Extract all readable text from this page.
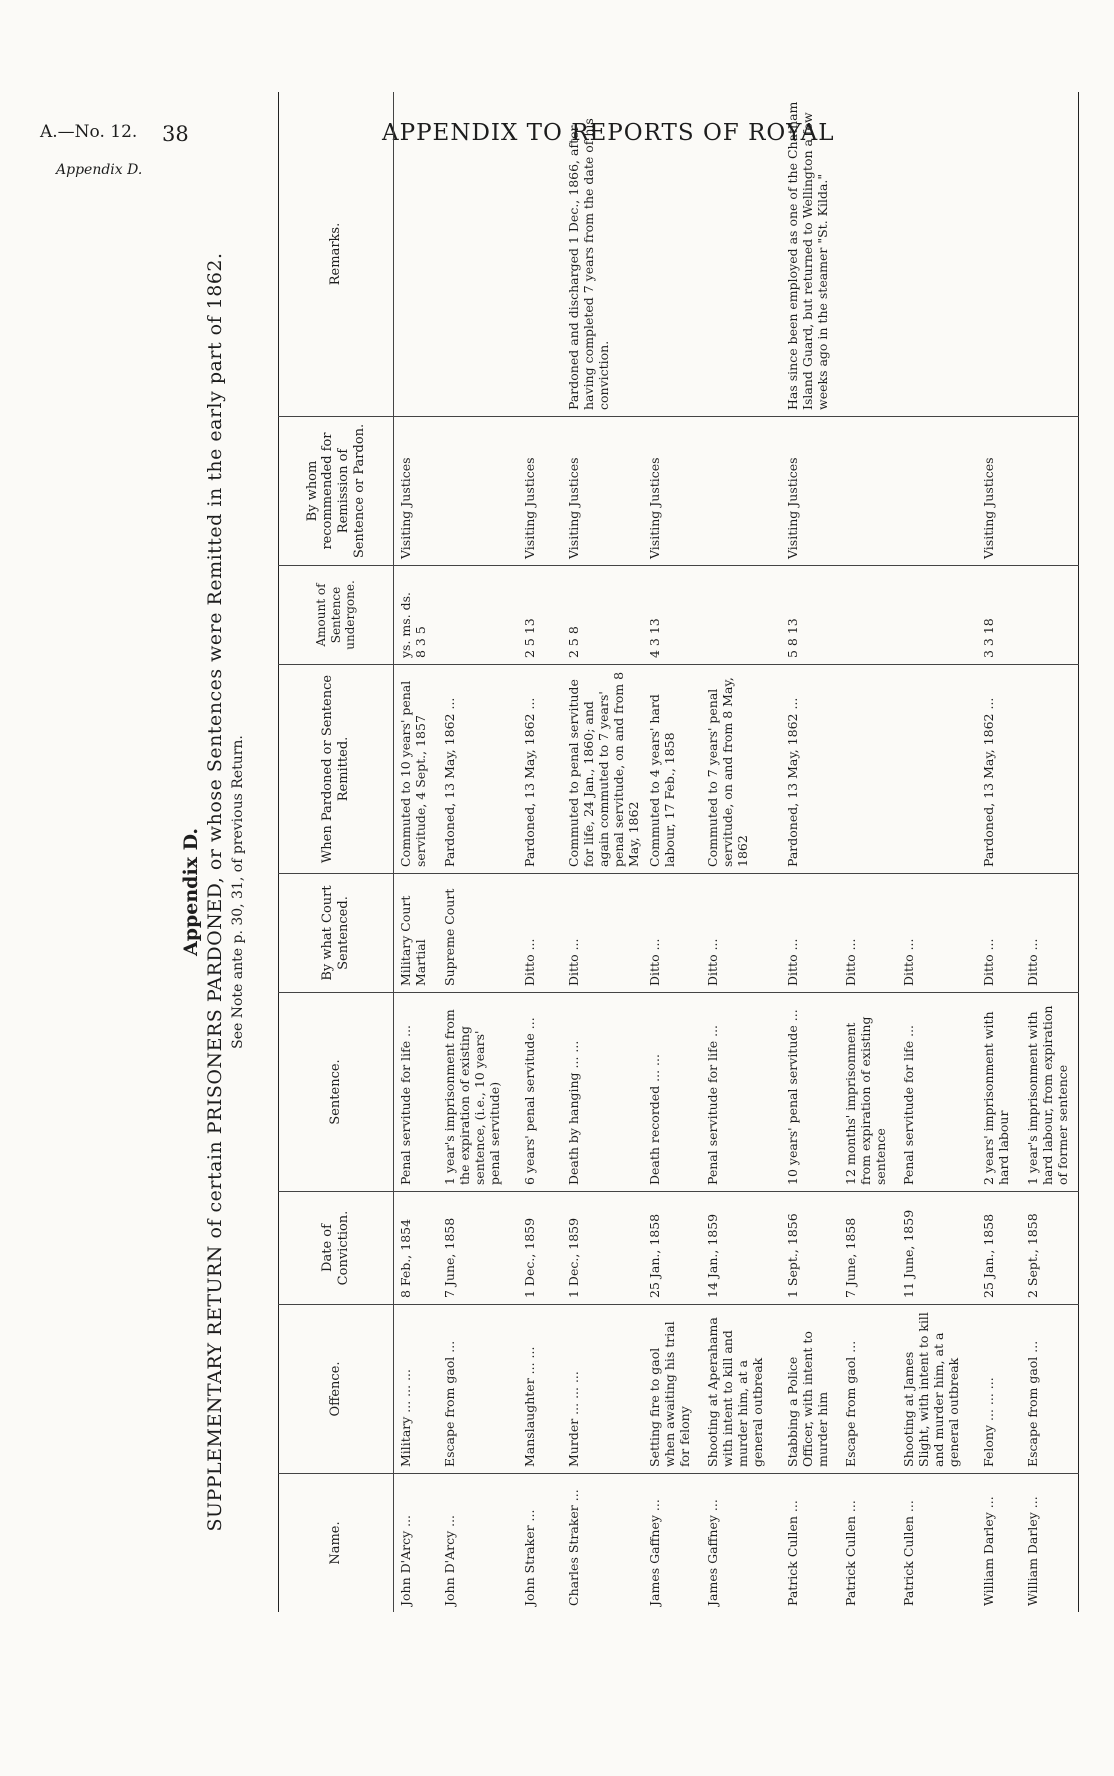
A.—No. 12. 38	APPENDIX TO REPORTS OF ROYAL
Appendix D.
Appendix D. SUPPLEMENTARY RETURN of certain PRISONERS PARDONED, or whose Sentences were Remitted in the early part of 1862. See Note ante p. 30, 31, of previous Return.
Name.	Offence.	Date of Conviction.	Sentence.	By what Court Sentenced.	When Pardoned or Sentence Remitted.	Amount of Sentence undergone.	By whom recommended for Remission of Sentence or Pardon.	Remarks.
John D'Arcy ...	Military ... ... ...	8 Feb., 1854	Penal servitude for life ...	Military Court Martial	Commuted to 10 years' penal servitude, 4 Sept., 1857	ys. ms. ds. 8 3 5	Visiting Justices	
John D'Arcy ...	Escape from gaol ...	7 June, 1858	1 year's imprisonment from the expiration of existing sentence, (i.e., 10 years' penal servitude)	Supreme Court	Pardoned, 13 May, 1862 ...			
John Straker ...	Manslaughter ... ...	1 Dec., 1859	6 years' penal servitude ...	Ditto ...	Pardoned, 13 May, 1862 ...	2 5 13	Visiting Justices	
Charles Straker ...	Murder ... ... ...	1 Dec., 1859	Death by hanging ... ...	Ditto ...	Commuted to penal servitude for life, 24 Jan., 1860; and again commuted to 7 years' penal servitude, on and from 8 May, 1862	2 5 8	Visiting Justices	Pardoned and discharged 1 Dec., 1866, after having completed 7 years from the date of his conviction.
James Gaffney ...	Setting fire to gaol when awaiting his trial for felony	25 Jan., 1858	Death recorded ... ...	Ditto ...	Commuted to 4 years' hard labour, 17 Feb., 1858	4 3 13	Visiting Justices	
James Gaffney ...	Shooting at Aperahama with intent to kill and murder him, at a general outbreak	14 Jan., 1859	Penal servitude for life ...	Ditto ...	Commuted to 7 years' penal servitude, on and from 8 May, 1862			
Patrick Cullen ...	Stabbing a Police Officer, with intent to murder him	1 Sept., 1856	10 years' penal servitude ...	Ditto ...	Pardoned, 13 May, 1862 ...	5 8 13	Visiting Justices	Has since been employed as one of the Chatham Island Guard, but returned to Wellington a few weeks ago in the steamer "St. Kilda."
Patrick Cullen ...	Escape from gaol ...	7 June, 1858	12 months' imprisonment from expiration of existing sentence	Ditto ...				
Patrick Cullen ...	Shooting at James Slight, with intent to kill and murder him, at a general outbreak	11 June, 1859	Penal servitude for life ...	Ditto ...				
William Darley ...	Felony ... ... ...	25 Jan., 1858	2 years' imprisonment with hard labour	Ditto ...	Pardoned, 13 May, 1862 ...	3 3 18	Visiting Justices	
William Darley ...	Escape from gaol ...	2 Sept., 1858	1 year's imprisonment with hard labour, from expiration of former sentence	Ditto ...				
